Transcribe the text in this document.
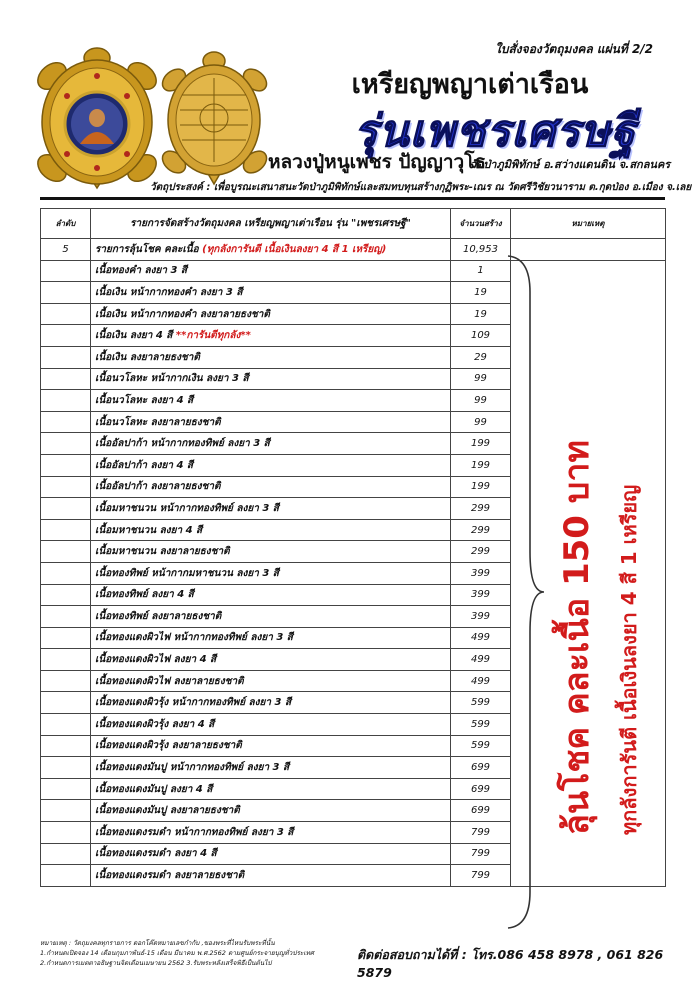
ใบสั่งจองวัตถุมงคล แผ่นที่ 2/2
เหรียญพญาเต่าเรือน
รุ่นเพชรเศรษฐี
หลวงปู่หนูเพชร ปัญญาวุโธ
วัดป่าภูมิพิทักษ์ อ.สว่างแดนดิน จ.สกลนคร
วัตถุประสงค์ : เพื่อบูรณะเสนาสนะวัดป่าภูมิพิทักษ์และสมทบทุนสร้างกุฏิพระ-เณร ณ วัดศรีวิชัยวนาราม ต.กุดป่อง อ.เมือง จ.เลย
ลำดับ	รายการจัดสร้างวัตถุมงคล เหรียญพญาเต่าเรือน รุ่น "เพชรเศรษฐี"	จำนวนสร้าง	หมายเหตุ
5	รายการลุ้นโชค คละเนื้อ (ทุกลังการันตี เนื้อเงินลงยา 4 สี 1 เหรียญ)	10,953	
	เนื้อทองคำ ลงยา 3 สี	1	
	เนื้อเงิน หน้ากากทองคำ ลงยา 3 สี	19	
	เนื้อเงิน หน้ากากทองคำ ลงยาลายธงชาติ	19	
	เนื้อเงิน ลงยา 4 สี **การันตีทุกลัง**	109	
	เนื้อเงิน ลงยาลายธงชาติ	29	
	เนื้อนวโลหะ หน้ากากเงิน ลงยา 3 สี	99	
	เนื้อนวโลหะ ลงยา 4 สี	99	
	เนื้อนวโลหะ ลงยาลายธงชาติ	99	
	เนื้ออัลปาก้า หน้ากากทองทิพย์ ลงยา 3 สี	199	
	เนื้ออัลปาก้า ลงยา 4 สี	199	
	เนื้ออัลปาก้า ลงยาลายธงชาติ	199	
	เนื้อมหาชนวน หน้ากากทองทิพย์ ลงยา 3 สี	299	
	เนื้อมหาชนวน ลงยา 4 สี	299	
	เนื้อมหาชนวน ลงยาลายธงชาติ	299	
	เนื้อทองทิพย์ หน้ากากมหาชนวน ลงยา 3 สี	399	
	เนื้อทองทิพย์ ลงยา 4 สี	399	
	เนื้อทองทิพย์ ลงยาลายธงชาติ	399	
	เนื้อทองแดงผิวไฟ หน้ากากทองทิพย์ ลงยา 3 สี	499	
	เนื้อทองแดงผิวไฟ ลงยา 4 สี	499	
	เนื้อทองแดงผิวไฟ ลงยาลายธงชาติ	499	
	เนื้อทองแดงผิวรุ้ง หน้ากากทองทิพย์ ลงยา 3 สี	599	
	เนื้อทองแดงผิวรุ้ง ลงยา 4 สี	599	
	เนื้อทองแดงผิวรุ้ง ลงยาลายธงชาติ	599	
	เนื้อทองแดงมันปู หน้ากากทองทิพย์ ลงยา 3 สี	699	
	เนื้อทองแดงมันปู ลงยา 4 สี	699	
	เนื้อทองแดงมันปู ลงยาลายธงชาติ	699	
	เนื้อทองแดงรมดำ หน้ากากทองทิพย์ ลงยา 3 สี	799	
	เนื้อทองแดงรมดำ ลงยา 4 สี	799	
	เนื้อทองแดงรมดำ ลงยาลายธงชาติ	799	
ลุ้นโชค คละเนื้อ 150 บาท ทุกลังการันตี เนื้อเงินลงยา 4 สี 1 เหรียญ
หมายเหตุ : วัตถุมงคลทุกรายการ ตอกโค๊ตหมายเลขกำกับ ,ของพระที่ไหนรับพระที่นั้น
1.กำหนดเปิดจอง 14 เดือนกุมภาพันธ์-15 เดือน มีนาคม พ.ศ.2562 ตามศูนย์กระจายบุญทั่วประเทศ
2.กำหนดการเมตตาอธิษฐานจิตเดือนเมษายน 2562 3.รับพระหลังเสร็จพิธีเป็นต้นไป
ติดต่อสอบถามได้ที่ : โทร.086 458 8978 , 061 826 5879
